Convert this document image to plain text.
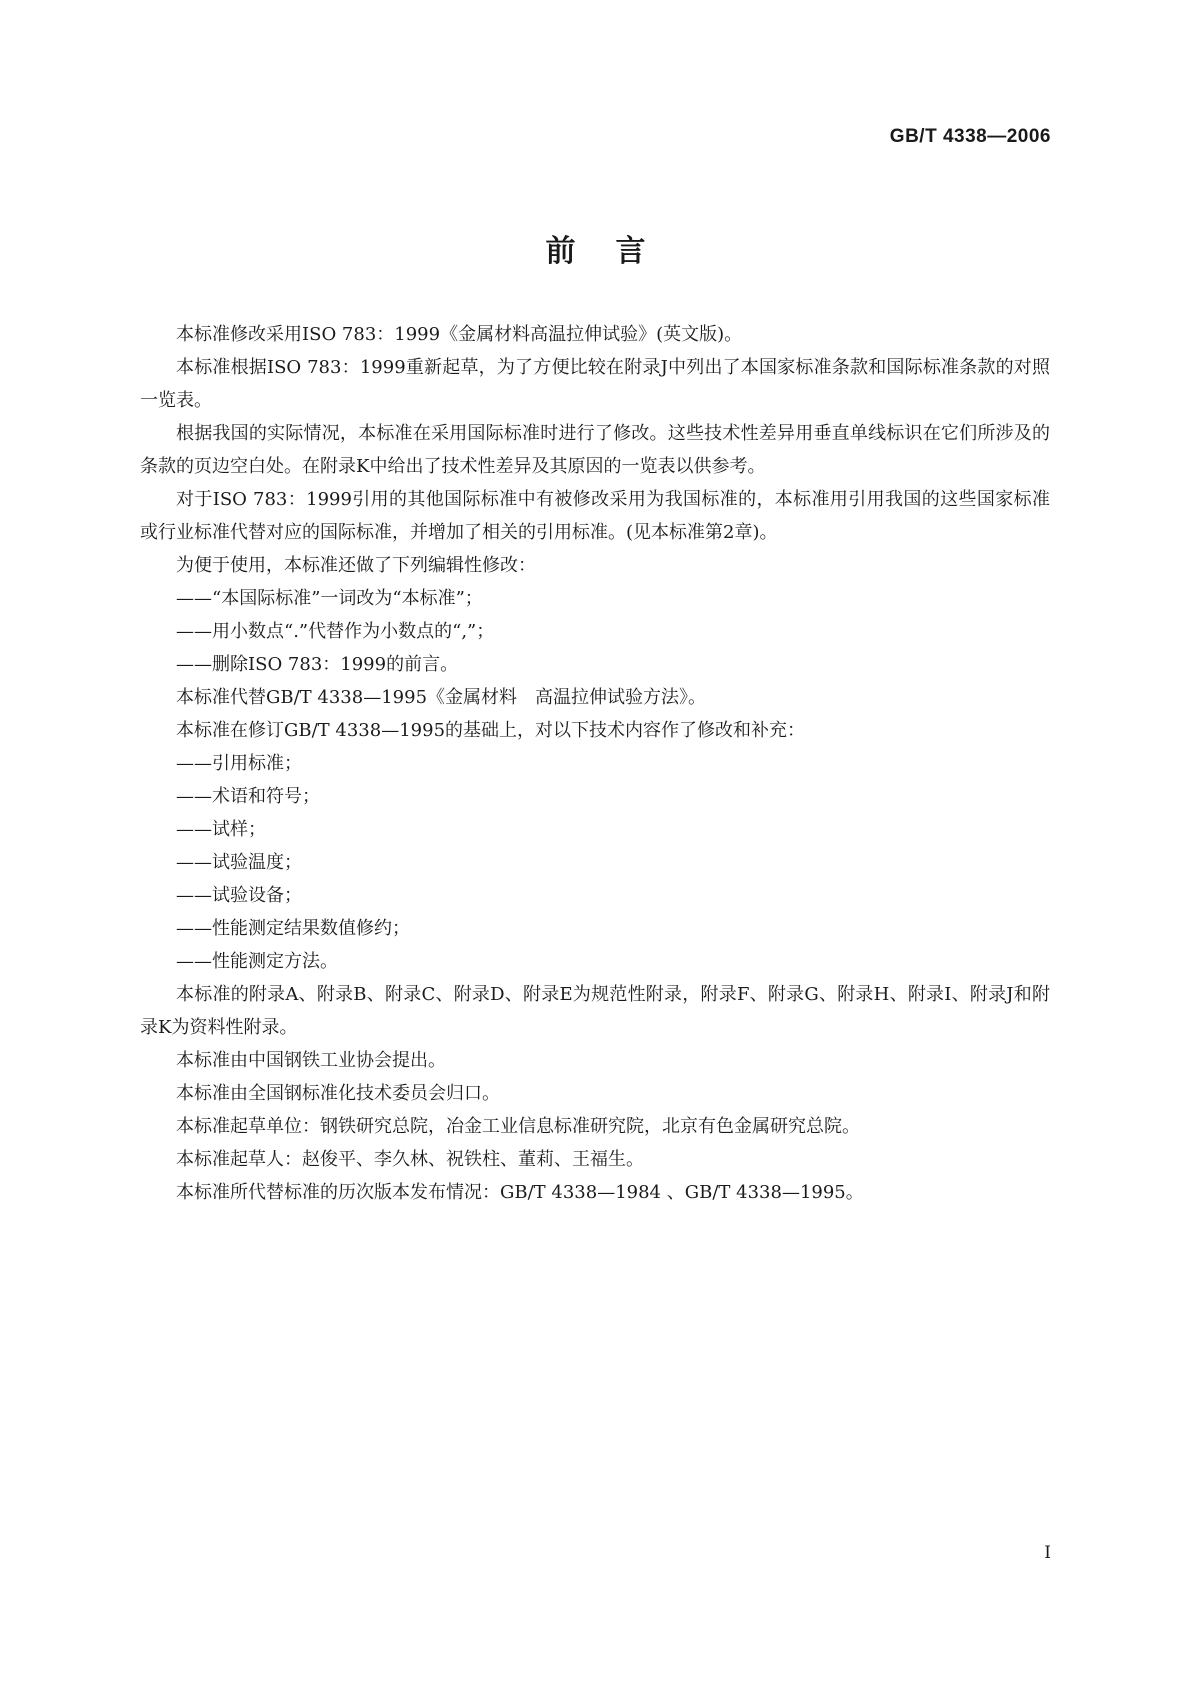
GB/T 4338—2006
前言

本标准修改采用ISO 783：1999《金属材料高温拉伸试验》(英文版)。

本标准根据ISO 783：1999重新起草，为了方便比较在附录J中列出了本国家标准条款和国际标准条款的对照一览表。

根据我国的实际情况，本标准在采用国际标准时进行了修改。这些技术性差异用垂直单线标识在它们所涉及的条款的页边空白处。在附录K中给出了技术性差异及其原因的一览表以供参考。

对于ISO 783：1999引用的其他国际标准中有被修改采用为我国标准的，本标准用引用我国的这些国家标准或行业标准代替对应的国际标准，并增加了相关的引用标准。(见本标准第2章)。

为便于使用，本标准还做了下列编辑性修改：

——“本国际标准”一词改为“本标准”；

——用小数点“.”代替作为小数点的“,”；

——删除ISO 783：1999的前言。

本标准代替GB/T 4338—1995《金属材料　高温拉伸试验方法》。

本标准在修订GB/T 4338—1995的基础上，对以下技术内容作了修改和补充：

——引用标准；

——术语和符号；

——试样；

——试验温度；

——试验设备；

——性能测定结果数值修约；

——性能测定方法。

本标准的附录A、附录B、附录C、附录D、附录E为规范性附录，附录F、附录G、附录H、附录I、附录J和附录K为资料性附录。

本标准由中国钢铁工业协会提出。

本标准由全国钢标准化技术委员会归口。

本标准起草单位：钢铁研究总院，冶金工业信息标准研究院，北京有色金属研究总院。

本标准起草人：赵俊平、李久林、祝铁柱、董莉、王福生。

本标准所代替标准的历次版本发布情况：GB/T 4338—1984 、GB/T 4338—1995。

I
